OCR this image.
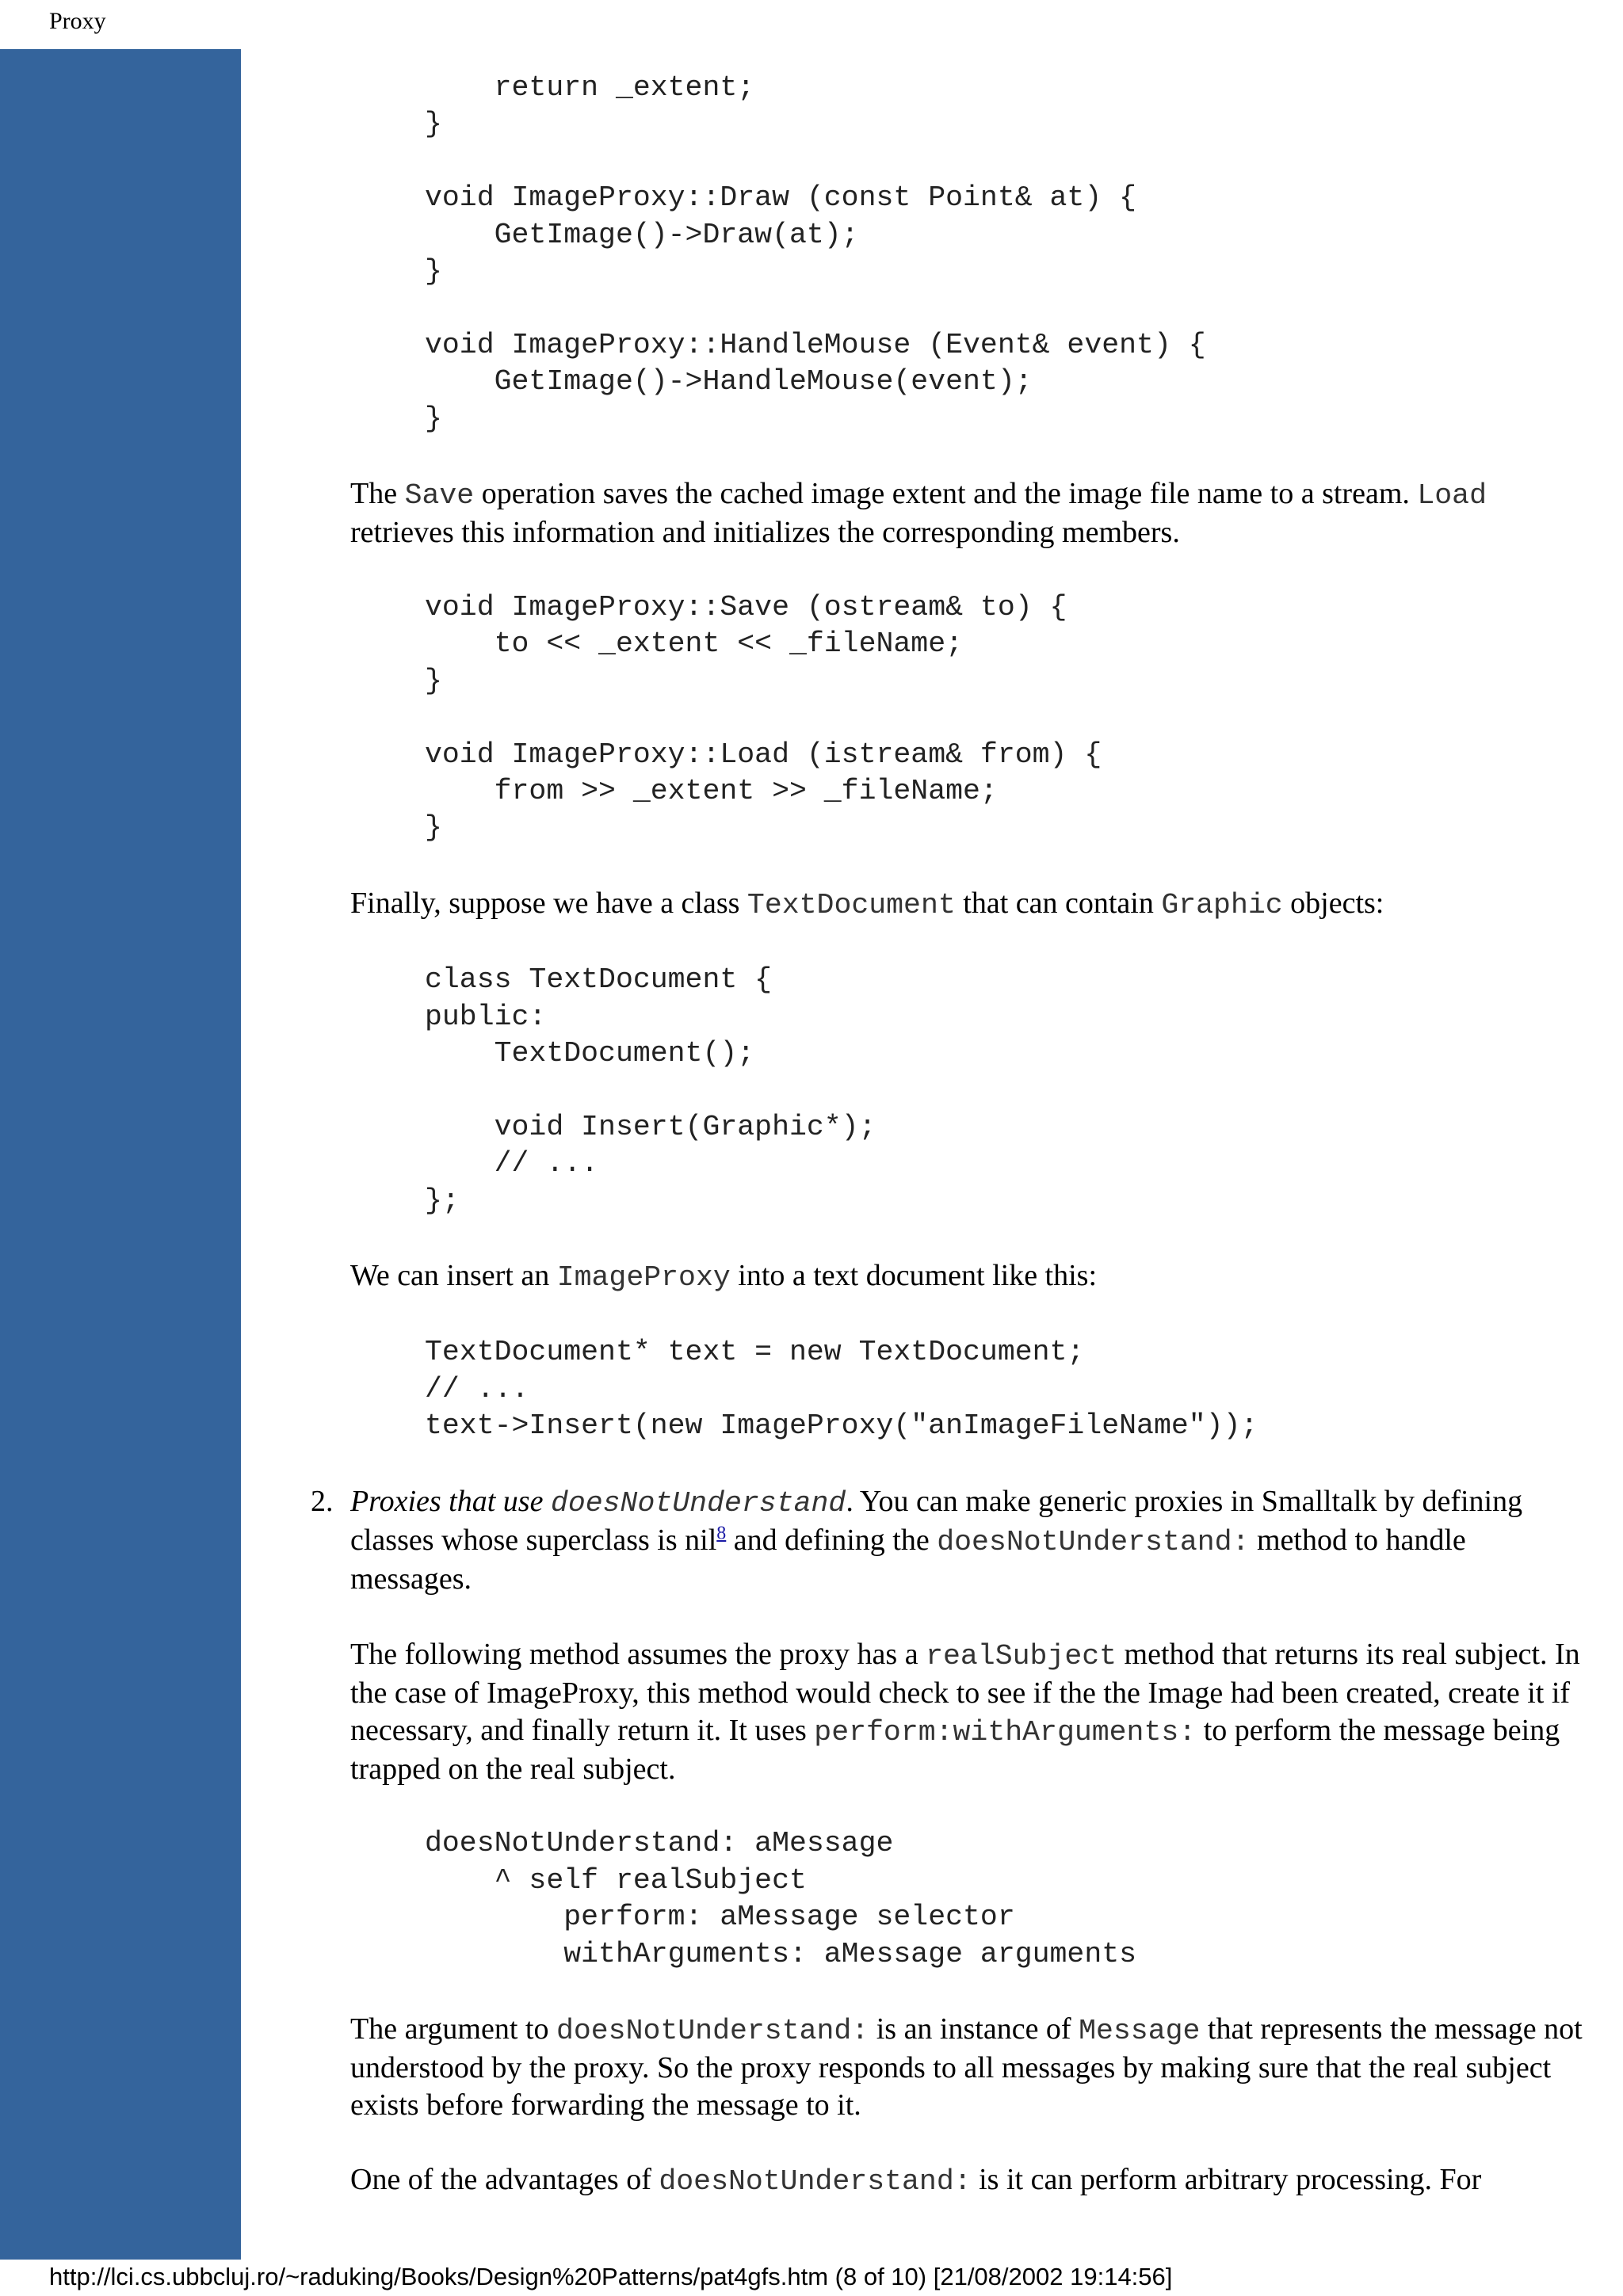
Proxy
return _extent;
}

void ImageProxy::Draw (const Point& at) {
GetImage()->Draw(at);
}

void ImageProxy::HandleMouse (Event& event) {
GetImage()->HandleMouse(event);
}

The Save operation saves the cached image extent and the image file name to a stream. Load retrieves this information and initializes the corresponding members.

void ImageProxy::Save (ostream& to) {
to << _extent << _fileName;
}

void ImageProxy::Load (istream& from) {
from >> _extent >> _fileName;
}

Finally, suppose we have a class TextDocument that can contain Graphic objects:

class TextDocument {
public:
TextDocument();

void Insert(Graphic*);
// ...
};

We can insert an ImageProxy into a text document like this:

TextDocument* text = new TextDocument;
// ...
text->Insert(new ImageProxy("anImageFileName"));
2. Proxies that use doesNotUnderstand. You can make generic proxies in Smalltalk by defining classes whose superclass is nil$^8$ and defining the doesNotUnderstand: method to handle messages.

The following method assumes the proxy has a realSubject method that returns its real subject. In the case of ImageProxy, this method would check to see if the the Image had been created, create it if necessary, and finally return it. It uses perform:withArguments: to perform the message being trapped on the real subject.

doesNotUnderstand: aMessage
^ self realSubject
perform: aMessage selector
withArguments: aMessage arguments

The argument to doesNotUnderstand: is an instance of Message that represents the message not understood by the proxy. So the proxy responds to all messages by making sure that the real subject exists before forwarding the message to it.

One of the advantages of doesNotUnderstand: is it can perform arbitrary processing. For

http://lci.cs.ubbcluj.ro/~raduking/Books/Design%20Patterns/pat4gfs.htm (8 of 10) [21/08/2002 19:14:56]
